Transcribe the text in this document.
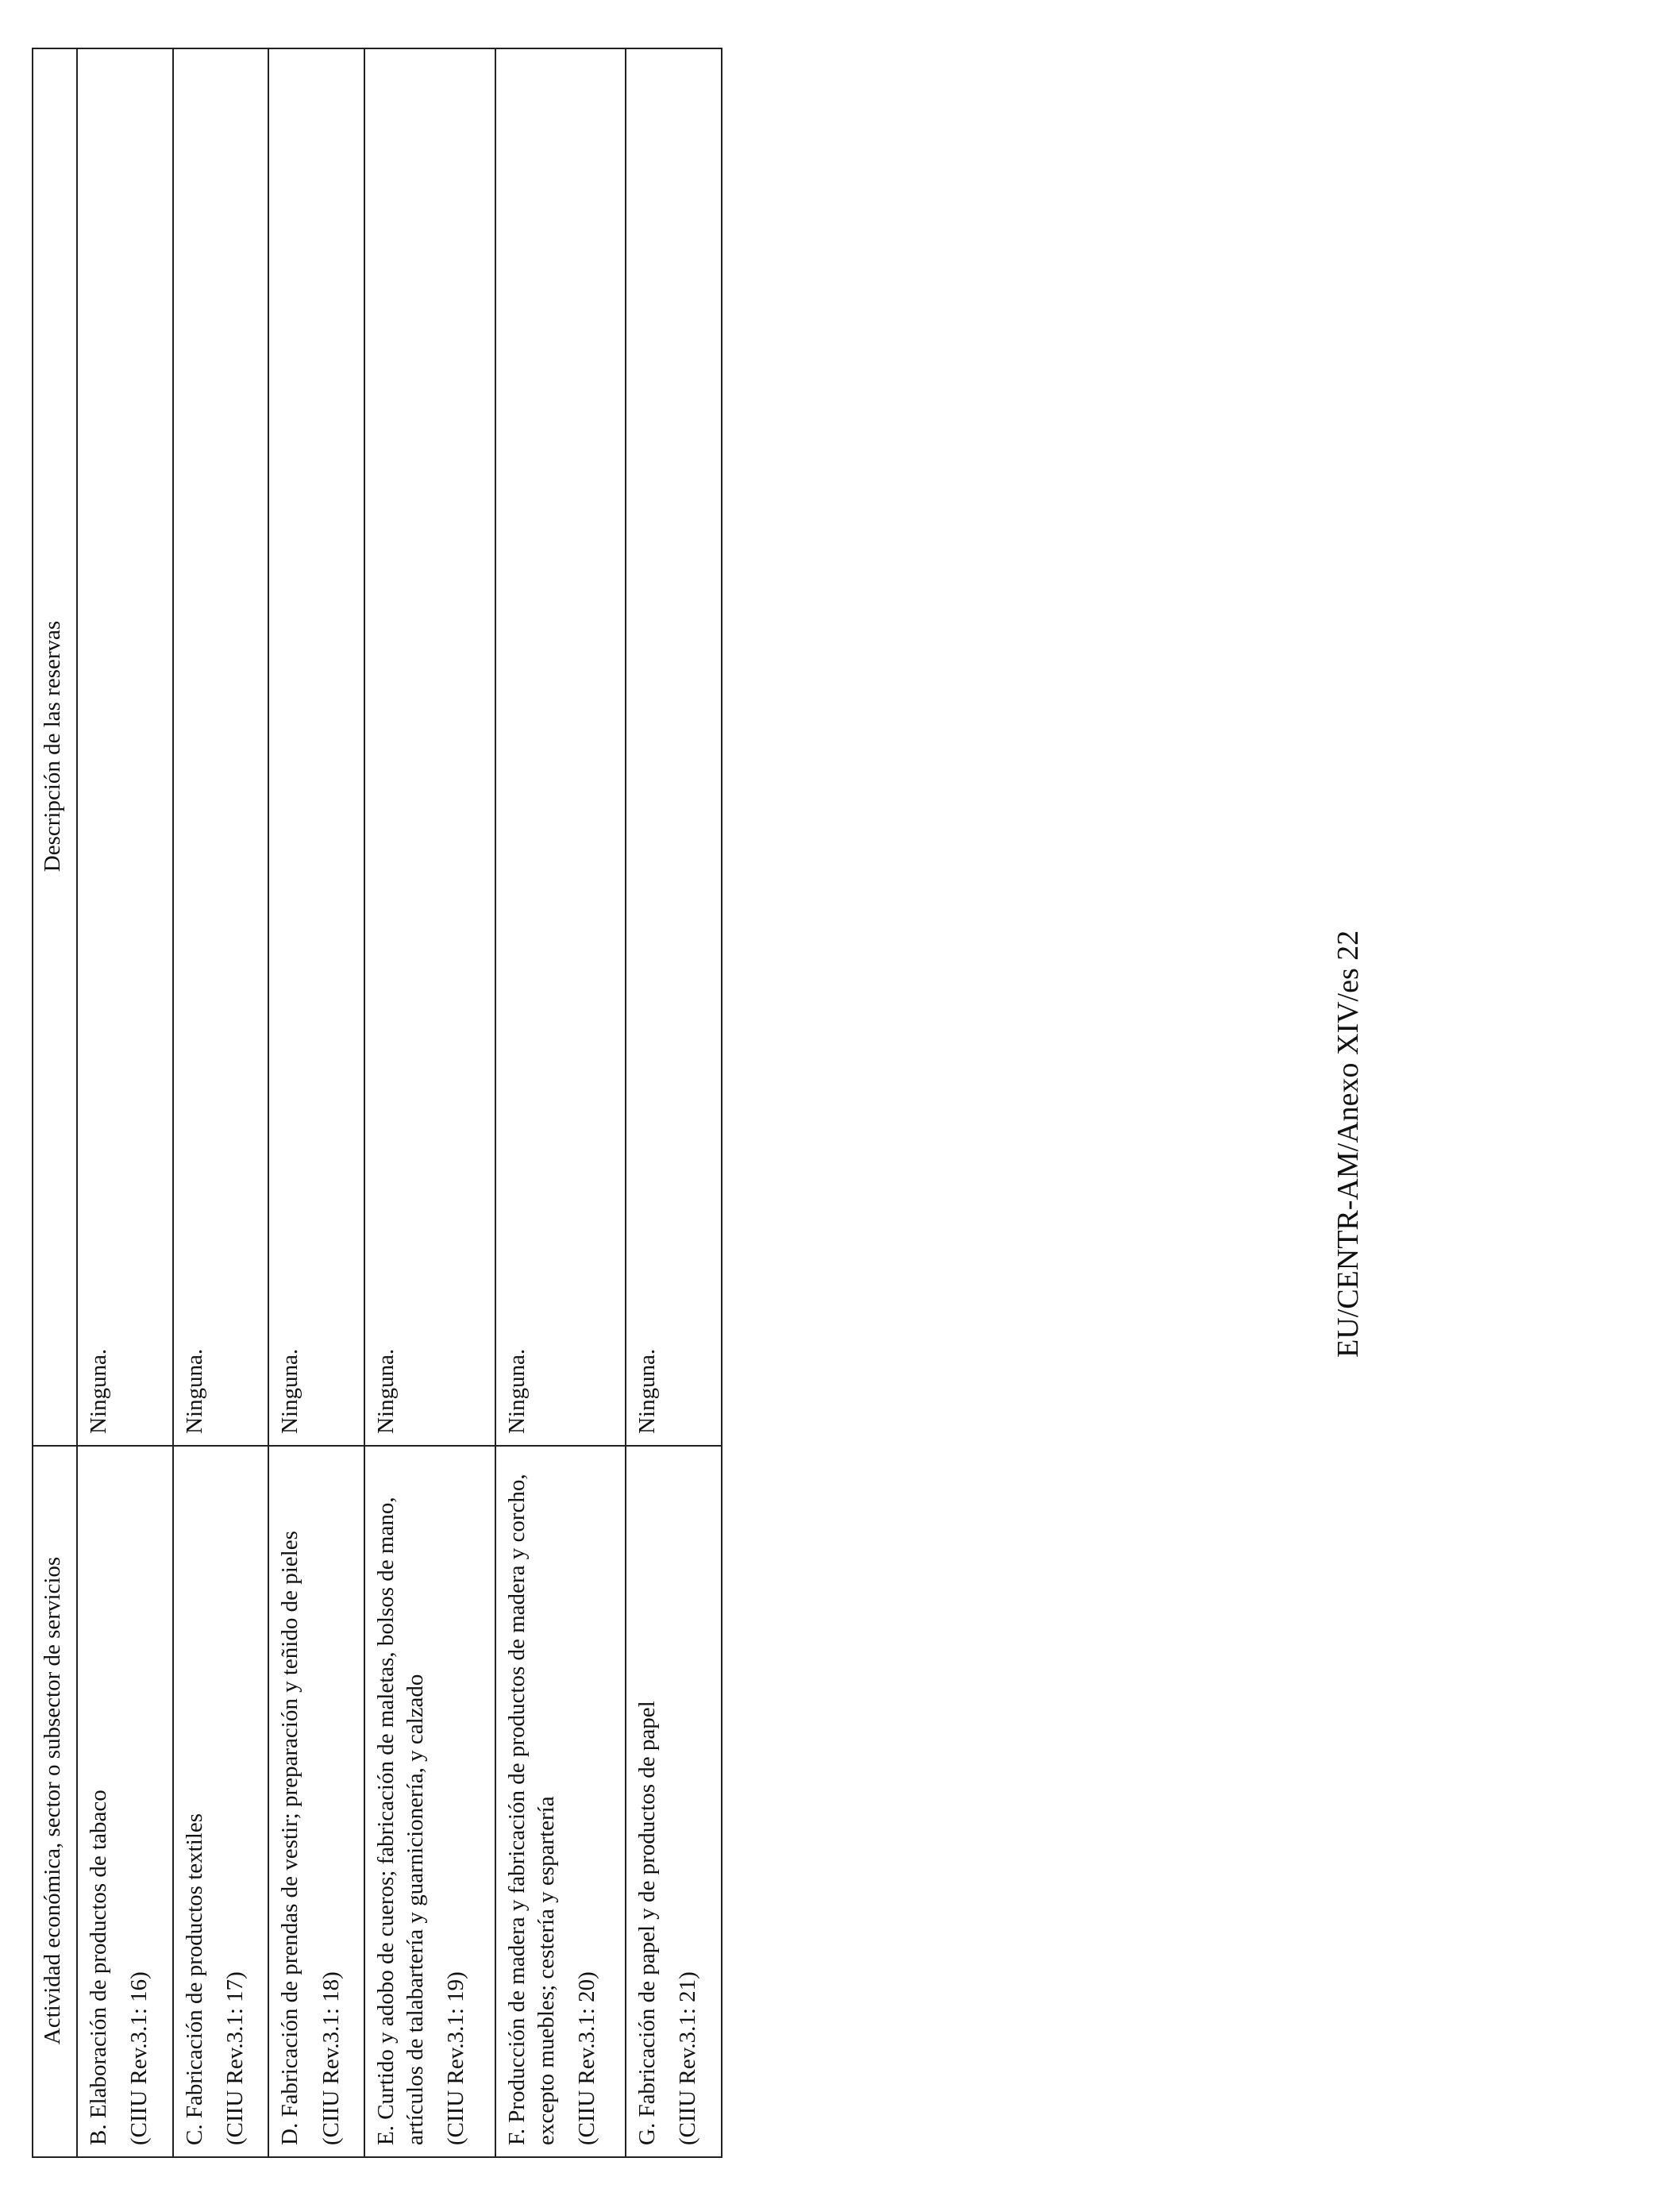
Actividad económica, sector o subsector de servicios	Descripción de las reservas

B. Elaboración de productos de tabaco (CIIU Rev.3.1: 16)	Ninguna.

C. Fabricación de productos textiles (CIIU Rev.3.1: 17)	Ninguna.

D. Fabricación de prendas de vestir; preparación y teñido de pieles (CIIU Rev.3.1: 18)	Ninguna.

E. Curtido y adobo de cueros; fabricación de maletas, bolsos de mano, artículos de talabartería y guarnicionería, y calzado (CIIU Rev.3.1: 19)	Ninguna.

F. Producción de madera y fabricación de productos de madera y corcho, excepto muebles; cestería y espartería (CIIU Rev.3.1: 20)	Ninguna.

G. Fabricación de papel y de productos de papel (CIIU Rev.3.1: 21)	Ninguna.
EU/CENTR-AM/Anexo XIV/es 22
